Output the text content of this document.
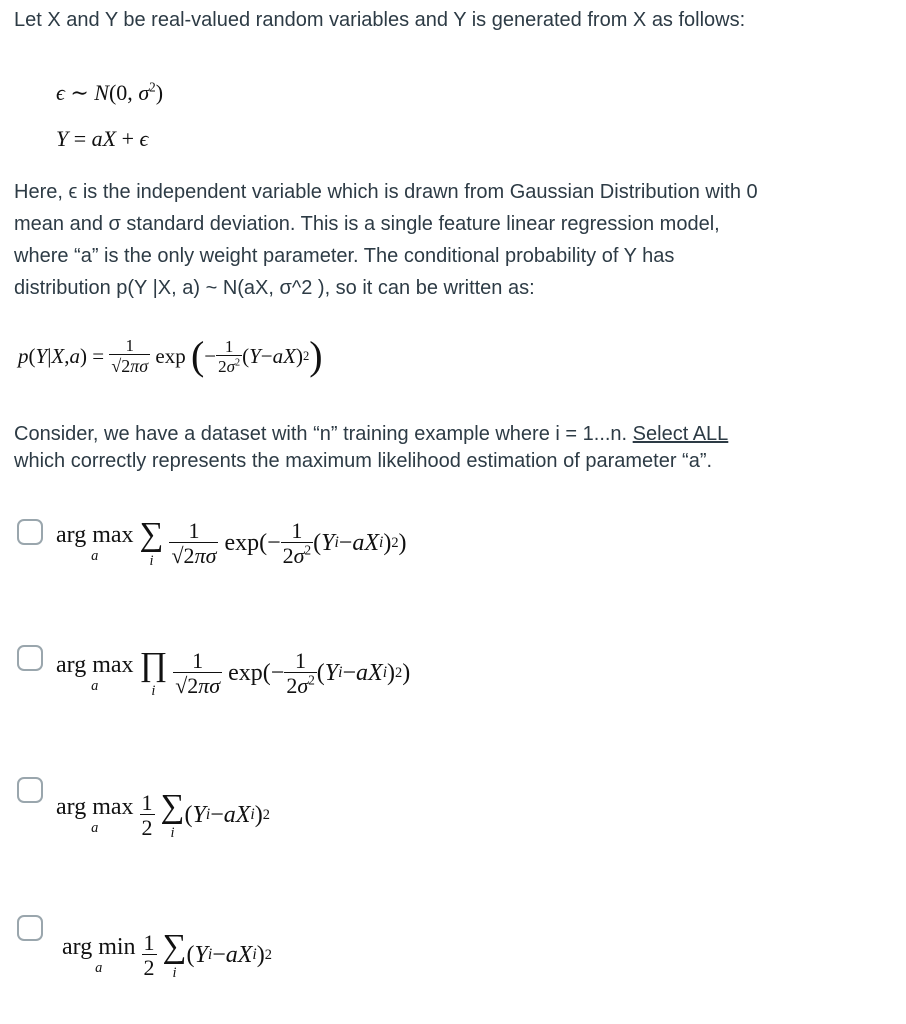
Let X and Y be real-valued random variables and Y is generated from X as follows:
ϵ ∼ N(0, $\sigma^2$)
Y = aX + ϵ
Here, ϵ is the independent variable which is drawn from Gaussian Distribution with 0
mean and σ standard deviation. This is a single feature linear regression model,
where “a” is the only weight parameter. The conditional probability of Y has
distribution p(Y |X, a) ~ N(aX, σ^2 ), so it can be written as:
p ( Y | X , a )
=
$\frac{1}{√2\pi\sigma}$
exp
( − $\frac{1}{2\sigma^2}$ ( Y − aX ) 2 )
Consider, we have a dataset with “n” training example where i = 1...n. Select ALL
which correctly represents the maximum likelihood estimation of parameter “a”.
arg max
a

∑
i
$\frac{1}{√2\pi\sigma}$
$\exp(- \frac{1}{2\sigma^2}$ ( Y i − aX i ) 2 )
arg max
a

∏
i
$\frac{1}{√2\pi\sigma}$
$\exp(- \frac{1}{2\sigma^2}$ ( Y i − aX i ) 2 )
arg max
a
$\frac{1}{2}$
∑
i
( Y i − aX i ) 2
arg min
a
$\frac{1}{2}$
∑
i
( Y i − aX i ) 2
